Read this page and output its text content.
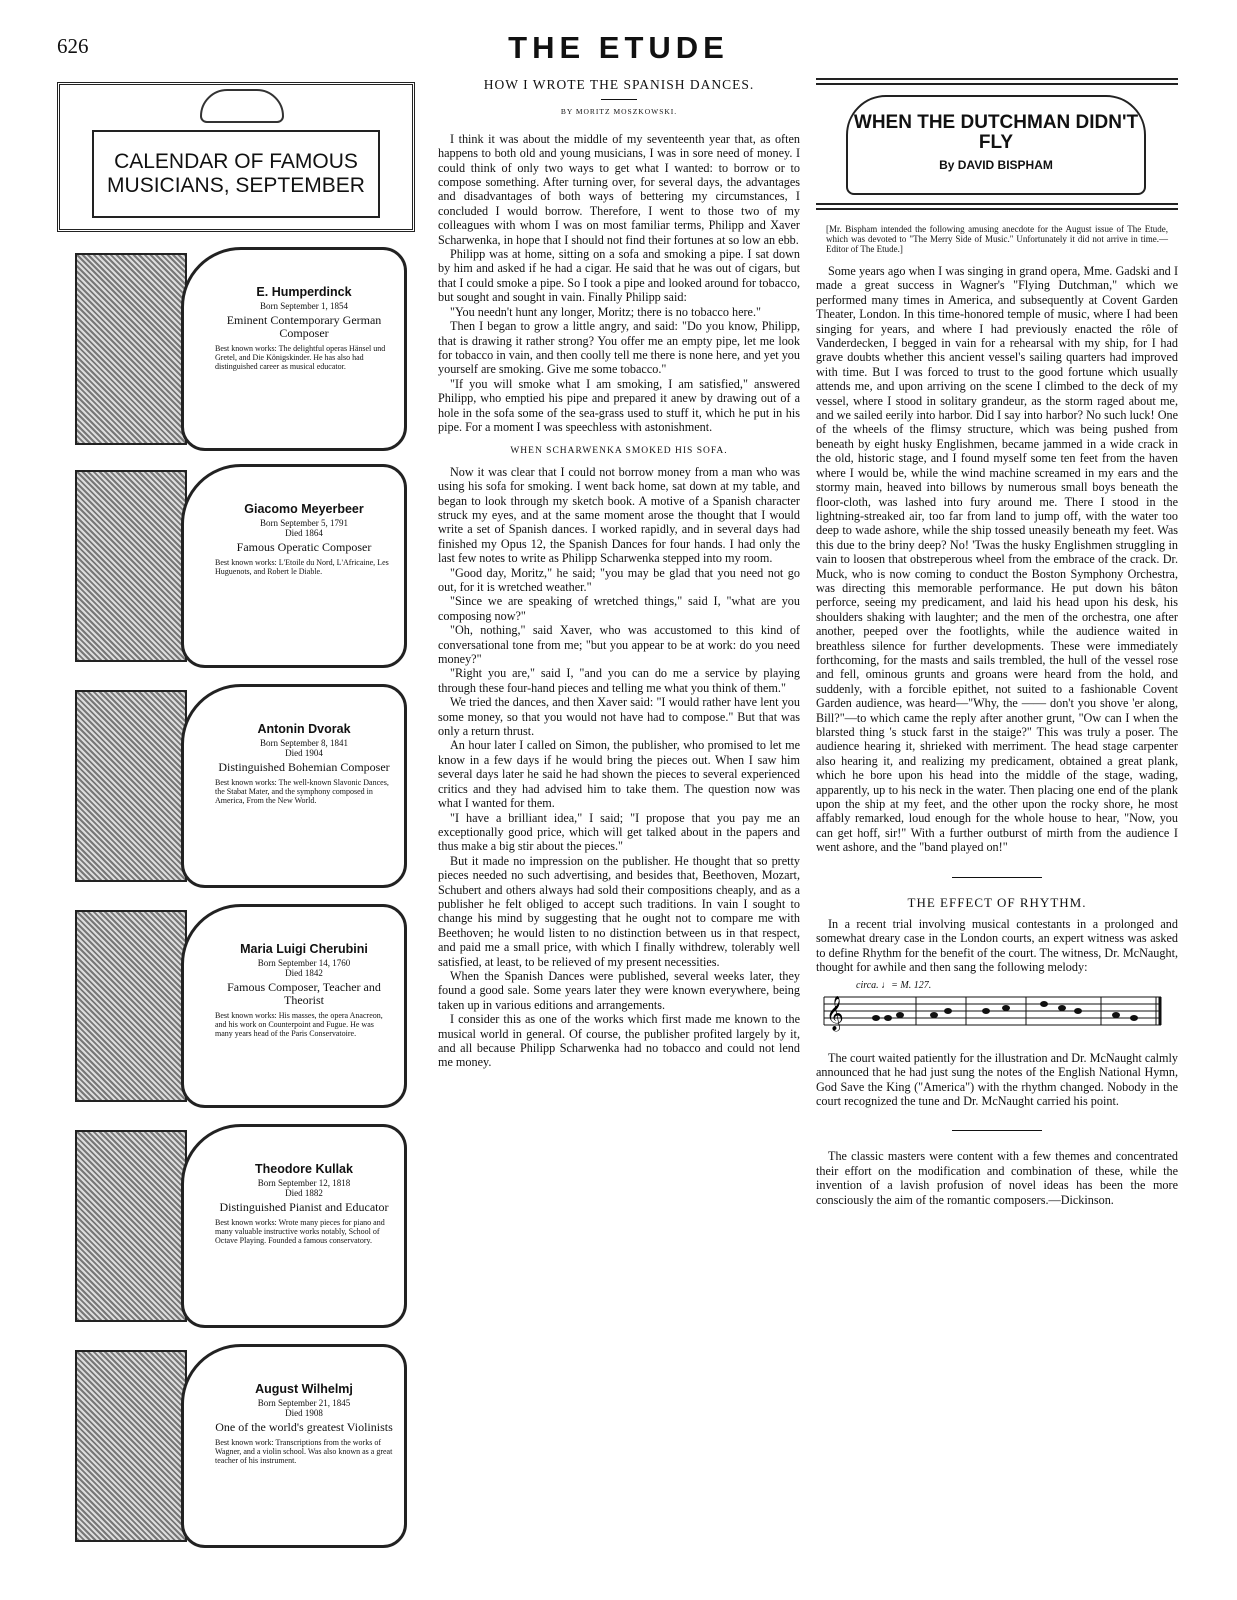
626	THE ETUDE
CALENDAR OF FAMOUS MUSICIANS, SEPTEMBER
E. Humperdinck
Born September 1, 1854
Eminent Contemporary German Composer
Best known works: The delightful operas Hänsel und Gretel, and Die Königskinder. He has also had distinguished career as musical educator.
Giacomo Meyerbeer
Born September 5, 1791
Died 1864
Famous Operatic Composer
Best known works: L'Etoile du Nord, L'Africaine, Les Huguenots, and Robert le Diable.
Antonin Dvorak
Born September 8, 1841
Died 1904
Distinguished Bohemian Composer
Best known works: The well-known Slavonic Dances, the Stabat Mater, and the symphony composed in America, From the New World.
Maria Luigi Cherubini
Born September 14, 1760
Died 1842
Famous Composer, Teacher and Theorist
Best known works: His masses, the opera Anacreon, and his work on Counterpoint and Fugue. He was many years head of the Paris Conservatoire.
Theodore Kullak
Born September 12, 1818
Died 1882
Distinguished Pianist and Educator
Best known works: Wrote many pieces for piano and many valuable instructive works notably, School of Octave Playing. Founded a famous conservatory.
August Wilhelmj
Born September 21, 1845
Died 1908
One of the world's greatest Violinists
Best known work: Transcriptions from the works of Wagner, and a violin school. Was also known as a great teacher of his instrument.
HOW I WROTE THE SPANISH DANCES.
BY MORITZ MOSZKOWSKI.

I think it was about the middle of my seventeenth year that, as often happens to both old and young musicians, I was in sore need of money. I could think of only two ways to get what I wanted: to borrow or to compose something. After turning over, for several days, the advantages and disadvantages of both ways of bettering my circumstances, I concluded I would borrow. Therefore, I went to those two of my colleagues with whom I was on most familiar terms, Philipp and Xaver Scharwenka, in hope that I should not find their fortunes at so low an ebb.

Philipp was at home, sitting on a sofa and smoking a pipe. I sat down by him and asked if he had a cigar. He said that he was out of cigars, but that I could smoke a pipe. So I took a pipe and looked around for tobacco, but sought and sought in vain. Finally Philipp said:

"You needn't hunt any longer, Moritz; there is no tobacco here."

Then I began to grow a little angry, and said: "Do you know, Philipp, that is drawing it rather strong? You offer me an empty pipe, let me look for tobacco in vain, and then coolly tell me there is none here, and yet you yourself are smoking. Give me some tobacco."

"If you will smoke what I am smoking, I am satisfied," answered Philipp, who emptied his pipe and prepared it anew by drawing out of a hole in the sofa some of the sea-grass used to stuff it, which he put in his pipe. For a moment I was speechless with astonishment.

WHEN SCHARWENKA SMOKED HIS SOFA.

Now it was clear that I could not borrow money from a man who was using his sofa for smoking. I went back home, sat down at my table, and began to look through my sketch book. A motive of a Spanish character struck my eyes, and at the same moment arose the thought that I would write a set of Spanish dances. I worked rapidly, and in several days had finished my Opus 12, the Spanish Dances for four hands. I had only the last few notes to write as Philipp Scharwenka stepped into my room.

"Good day, Moritz," he said; "you may be glad that you need not go out, for it is wretched weather."

"Since we are speaking of wretched things," said I, "what are you composing now?"

"Oh, nothing," said Xaver, who was accustomed to this kind of conversational tone from me; "but you appear to be at work: do you need money?"

"Right you are," said I, "and you can do me a service by playing through these four-hand pieces and telling me what you think of them."

We tried the dances, and then Xaver said: "I would rather have lent you some money, so that you would not have had to compose." But that was only a return thrust.

An hour later I called on Simon, the publisher, who promised to let me know in a few days if he would bring the pieces out. When I saw him several days later he said he had shown the pieces to several experienced critics and they had advised him to take them. The question now was what I wanted for them.

"I have a brilliant idea," I said; "I propose that you pay me an exceptionally good price, which will get talked about in the papers and thus make a big stir about the pieces."

But it made no impression on the publisher. He thought that so pretty pieces needed no such advertising, and besides that, Beethoven, Mozart, Schubert and others always had sold their compositions cheaply, and as a publisher he felt obliged to accept such traditions. In vain I sought to change his mind by suggesting that he ought not to compare me with Beethoven; he would listen to no distinction between us in that respect, and paid me a small price, with which I finally withdrew, tolerably well satisfied, at least, to be relieved of my present necessities.

When the Spanish Dances were published, several weeks later, they found a good sale. Some years later they were known everywhere, being taken up in various editions and arrangements.

I consider this as one of the works which first made me known to the musical world in general. Of course, the publisher profited largely by it, and all because Philipp Scharwenka had no tobacco and could not lend me money.

WHEN THE DUTCHMAN DIDN'T FLY
By DAVID BISPHAM
[Mr. Bispham intended the following amusing anecdote for the August issue of The Etude, which was devoted to "The Merry Side of Music." Unfortunately it did not arrive in time.—Editor of The Etude.]

Some years ago when I was singing in grand opera, Mme. Gadski and I made a great success in Wagner's "Flying Dutchman," which we performed many times in America, and subsequently at Covent Garden Theater, London. In this time-honored temple of music, where I had been singing for years, and where I had previously enacted the rôle of Vanderdecken, I begged in vain for a rehearsal with my ship, for I had grave doubts whether this ancient vessel's sailing quarters had improved with time. But I was forced to trust to the good fortune which usually attends me, and upon arriving on the scene I climbed to the deck of my vessel, where I stood in solitary grandeur, as the storm raged about me, and we sailed eerily into harbor. Did I say into harbor? No such luck! One of the wheels of the flimsy structure, which was being pushed from beneath by eight husky Englishmen, became jammed in a wide crack in the old, historic stage, and I found myself some ten feet from the haven where I would be, while the wind machine screamed in my ears and the stormy main, heaved into billows by numerous small boys beneath the floor-cloth, was lashed into fury around me. There I stood in the lightning-streaked air, too far from land to jump off, with the water too deep to wade ashore, while the ship tossed uneasily beneath my feet. Was this due to the briny deep? No! 'Twas the husky Englishmen struggling in vain to loosen that obstreperous wheel from the embrace of the crack. Dr. Muck, who is now coming to conduct the Boston Symphony Orchestra, was directing this memorable performance. He put down his bâton perforce, seeing my predicament, and laid his head upon his desk, his shoulders shaking with laughter; and the men of the orchestra, one after another, peeped over the footlights, while the audience waited in breathless silence for further developments. These were immediately forthcoming, for the masts and sails trembled, the hull of the vessel rose and fell, ominous grunts and groans were heard from the hold, and suddenly, with a forcible epithet, not suited to a fashionable Covent Garden audience, was heard—"Why, the —— don't you shove 'er along, Bill?"—to which came the reply after another grunt, "Ow can I when the blarsted thing 's stuck farst in the staige?" This was truly a poser. The audience hearing it, shrieked with merriment. The head stage carpenter also hearing it, and realizing my predicament, obtained a great plank, which he bore upon his head into the middle of the stage, wading, apparently, up to his neck in the water. Then placing one end of the plank upon the ship at my feet, and the other upon the rocky shore, he most affably remarked, loud enough for the whole house to hear, "Now, you can get hoff, sir!" With a further outburst of mirth from the audience I went ashore, and the "band played on!"

THE EFFECT OF RHYTHM.

In a recent trial involving musical contestants in a prolonged and somewhat dreary case in the London courts, an expert witness was asked to define Rhythm for the benefit of the court. The witness, Dr. McNaught, thought for awhile and then sang the following melody:

circa. ♩= M. 127.
𝄞

The court waited patiently for the illustration and Dr. McNaught calmly announced that he had just sung the notes of the English National Hymn, God Save the King ("America") with the rhythm changed. Nobody in the court recognized the tune and Dr. McNaught carried his point.

The classic masters were content with a few themes and concentrated their effort on the modification and combination of these, while the invention of a lavish profusion of novel ideas has been the more consciously the aim of the romantic composers.—Dickinson.
